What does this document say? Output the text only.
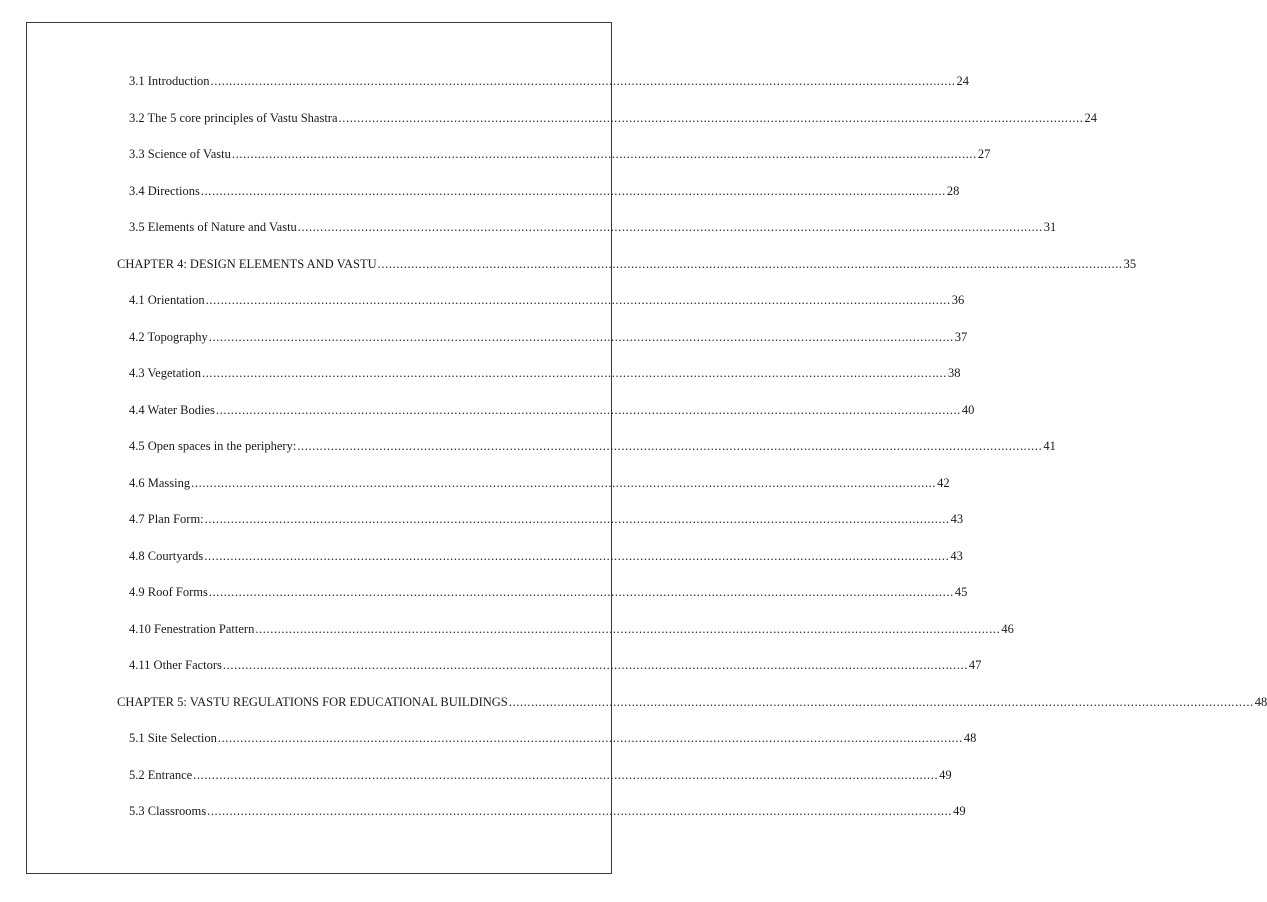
3.1 Introduction ........................................................................................................................................................................................................ 24
3.2 The 5 core principles of Vastu Shastra ........................................................................................................................................................................................................ 24
3.3 Science of Vastu ........................................................................................................................................................................................................ 27
3.4 Directions ........................................................................................................................................................................................................ 28
3.5 Elements of Nature and Vastu ........................................................................................................................................................................................................ 31
CHAPTER 4: DESIGN ELEMENTS AND VASTU ........................................................................................................................................................................................................ 35
4.1 Orientation ........................................................................................................................................................................................................ 36
4.2 Topography ........................................................................................................................................................................................................ 37
4.3 Vegetation ........................................................................................................................................................................................................ 38
4.4 Water Bodies ........................................................................................................................................................................................................ 40
4.5 Open spaces in the periphery: ........................................................................................................................................................................................................ 41
4.6 Massing ........................................................................................................................................................................................................ 42
4.7 Plan Form: ........................................................................................................................................................................................................ 43
4.8 Courtyards ........................................................................................................................................................................................................ 43
4.9 Roof Forms ........................................................................................................................................................................................................ 45
4.10 Fenestration Pattern ........................................................................................................................................................................................................ 46
4.11 Other Factors ........................................................................................................................................................................................................ 47
CHAPTER 5: VASTU REGULATIONS FOR EDUCATIONAL BUILDINGS ........................................................................................................................................................................................................ 48
5.1 Site Selection ........................................................................................................................................................................................................ 48
5.2 Entrance ........................................................................................................................................................................................................ 49
5.3 Classrooms ........................................................................................................................................................................................................ 49
